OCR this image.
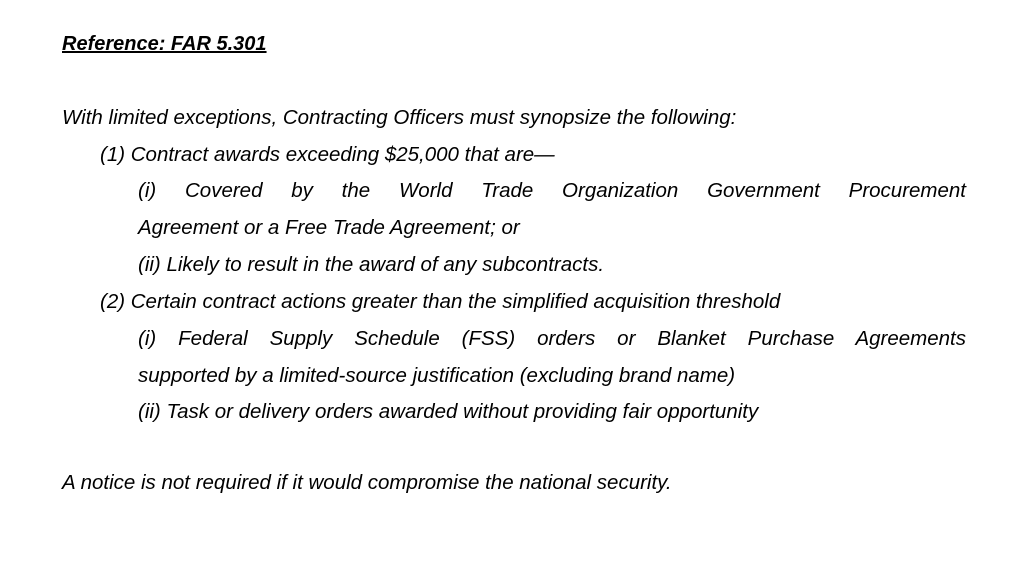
Reference: FAR 5.301
With limited exceptions, Contracting Officers must synopsize the following:
(1) Contract awards exceeding $25,000 that are—
(i) Covered by the World Trade Organization Government Procurement
Agreement or a Free Trade Agreement; or
(ii) Likely to result in the award of any subcontracts.
(2) Certain contract actions greater than the simplified acquisition threshold
(i) Federal Supply Schedule (FSS) orders or Blanket Purchase Agreements
supported by a limited-source justification (excluding brand name)
(ii) Task or delivery orders awarded without providing fair opportunity
A notice is not required if it would compromise the national security.
